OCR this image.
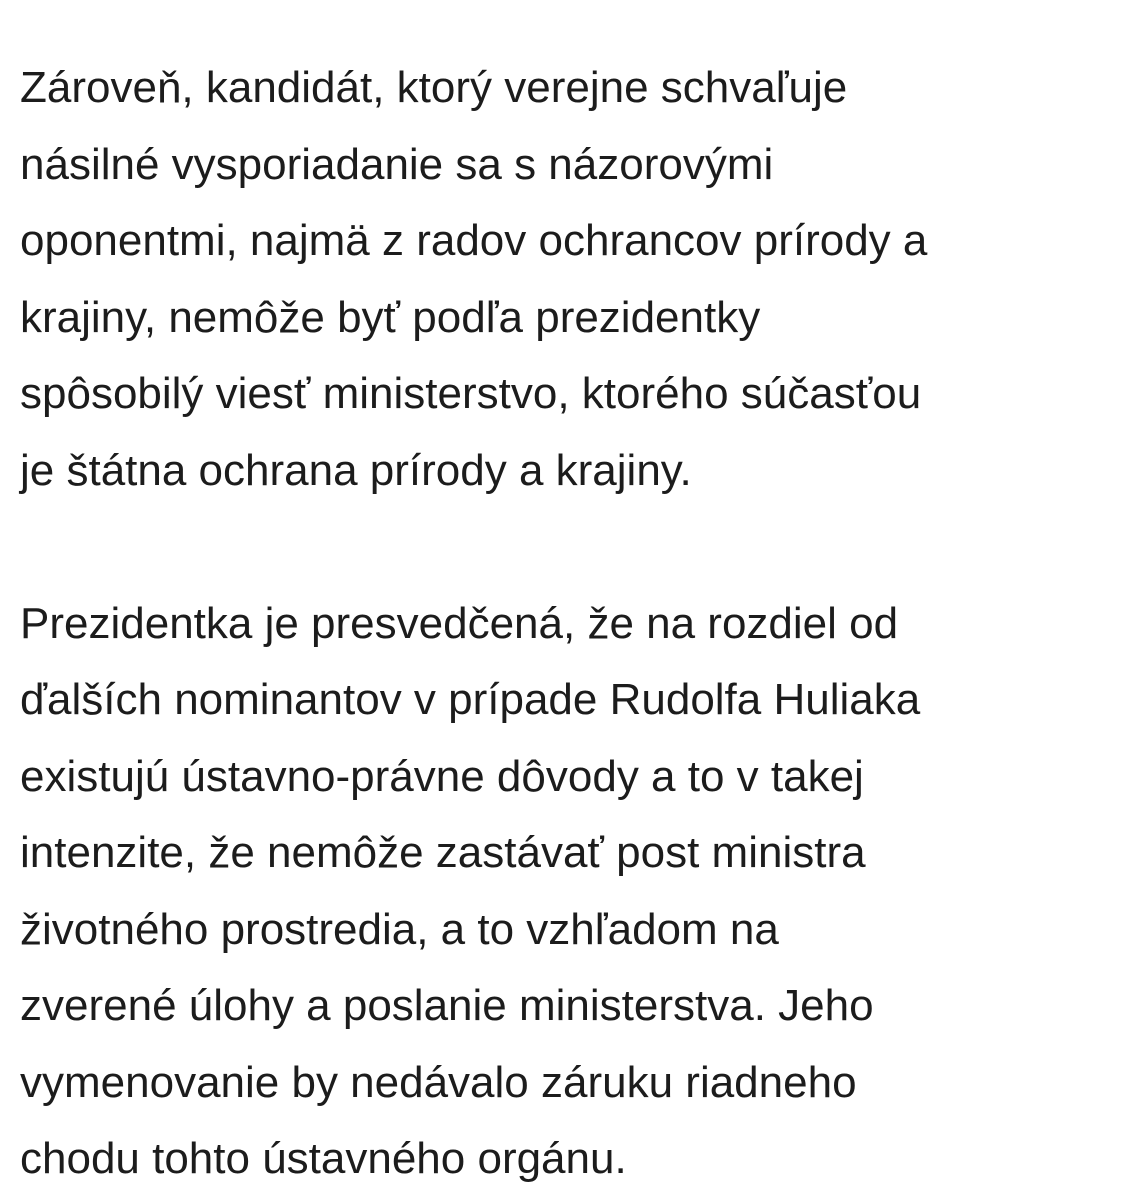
Zároveň, kandidát, ktorý verejne schvaľuje
násilné vysporiadanie sa s názorovými
oponentmi, najmä z radov ochrancov prírody a
krajiny, nemôže byť podľa prezidentky
spôsobilý viesť ministerstvo, ktorého súčasťou
je štátna ochrana prírody a krajiny.

Prezidentka je presvedčená, že na rozdiel od
ďalších nominantov v prípade Rudolfa Huliaka
existujú ústavno-právne dôvody a to v takej
intenzite, že nemôže zastávať post ministra
životného prostredia, a to vzhľadom na
zverené úlohy a poslanie ministerstva. Jeho
vymenovanie by nedávalo záruku riadneho
chodu tohto ústavného orgánu.
